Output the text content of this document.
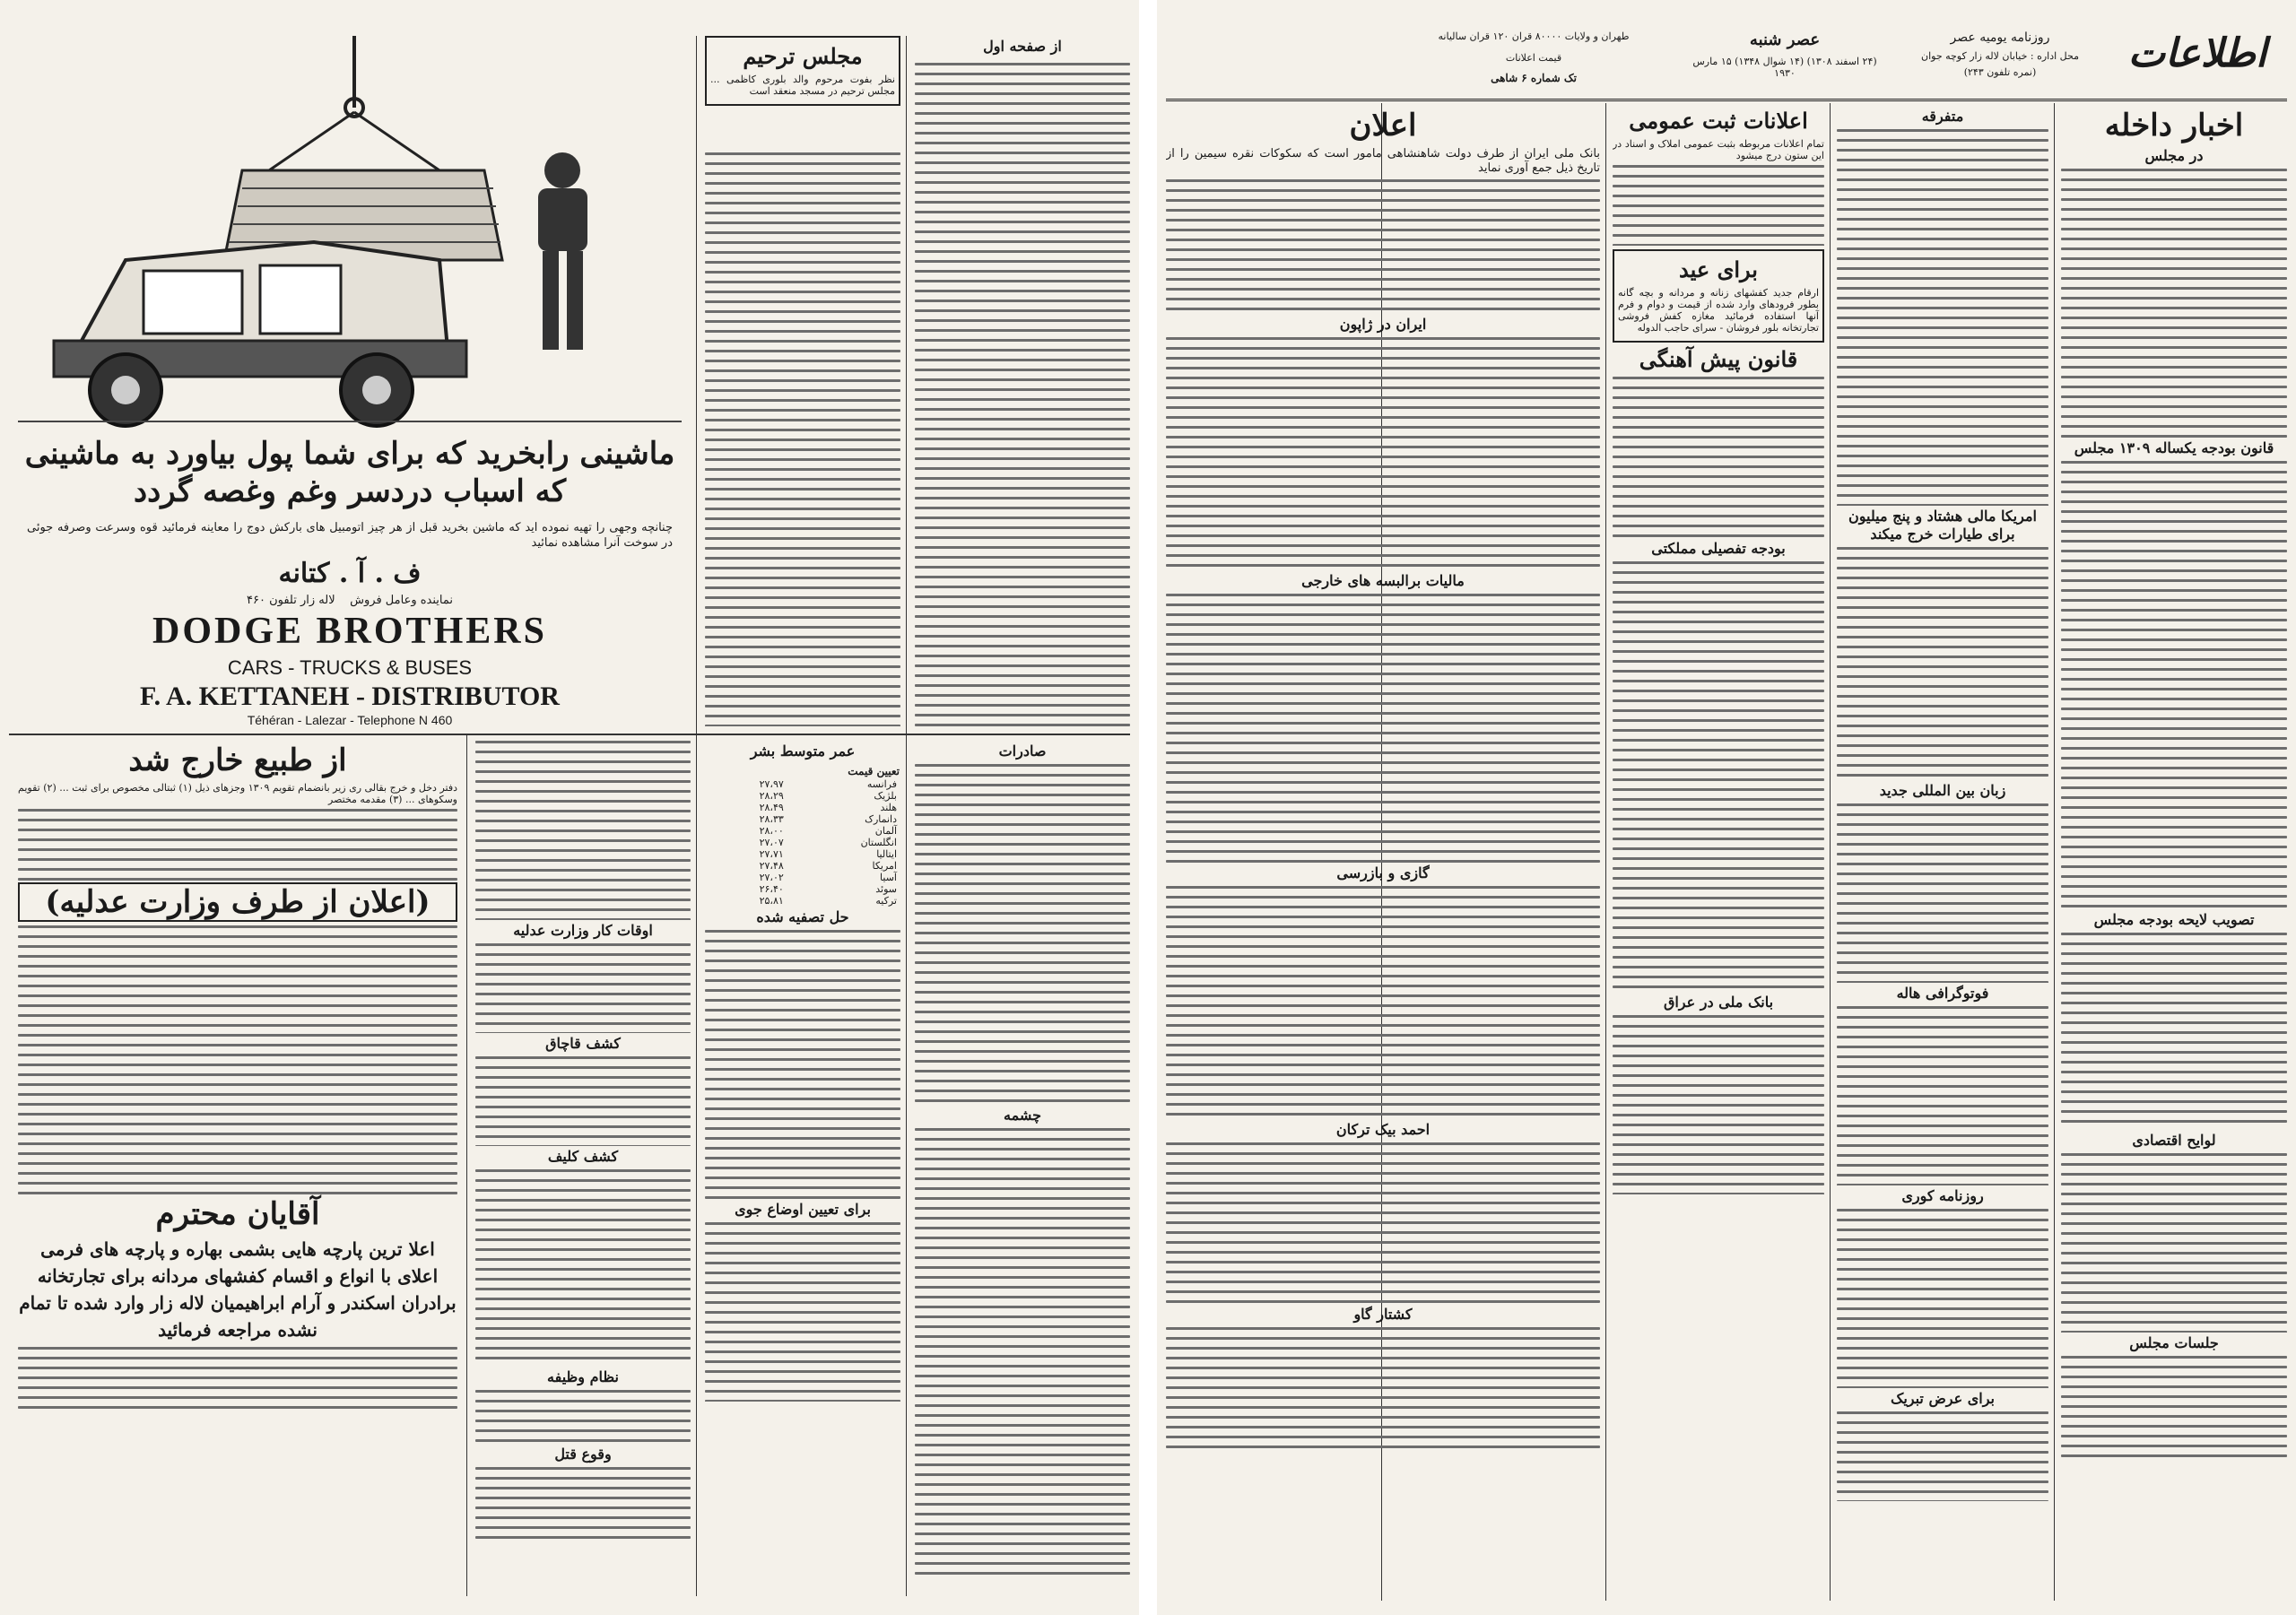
ماشینی رابخرید که برای شما پول بیاورد به ماشینی که اسباب دردسر وغم وغصه گردد
چنانچه وجهی را تهیه نموده اید که ماشین بخرید قبل از هر چیز اتومبیل های بارکش دوج را معاینه فرمائید قوه وسرعت وصرفه جوئی در سوخت آنرا مشاهده نمائید
ف . آ . کتانه
نماینده وعامل فروش    لاله زار تلفون ۴۶۰
DODGE BROTHERS
CARS - TRUCKS & BUSES
F. A. KETTANEH - DISTRIBUTOR
Téhéran - Lalezar - Telephone N 460
مجلس ترحیم

نظر بفوت مرحوم والد بلوری کاظمی ... مجلس ترحیم در مسجد منعقد است

از صفحه اول
از طبیع خارج شد

دفتر دخل و خرج بقالی ری زیر بانضمام تقویم ۱۳۰۹ وجزهای ذیل (۱) ثبتالی مخصوص برای ثبت ... (۲) تقویم وسکوهای ... (۳) مقدمه مختصر

(اعلان از طرف وزارت عدلیه)
آقایان محترم

اعلا ترین پارچه هایی بشمی بهاره و پارچه های فرمی اعلای با انواع و اقسام کفشهای مردانه برای تجارتخانه برادران اسکندر و آرام ابراهیمیان لاله زار وارد شده تا تمام نشده مراجعه فرمائید

اوقات کار وزارت عدلیه
کشف قاچاق
کشف کلیف
نظام وظیفه
وقوع قتل
عمر متوسط بشر
تعیین قیمت	
فرانسه	۲۷،۹۷
بلژیک	۲۸،۲۹
هلند	۲۸،۴۹
دانمارک	۲۸،۳۳
آلمان	۲۸،۰۰
انگلستان	۲۷،۰۷
ایتالیا	۲۷،۷۱
امریکا	۲۷،۴۸
آسیا	۲۷،۰۲
سوئد	۲۶،۴۰
ترکیه	۲۵،۸۱
حل تصفیه شده
برای تعیین اوضاع جوی
صادرات
چشمه
اطلاعات
روزنامه یومیه عصر
محل اداره : خیابان لاله زار کوچه جوان
(نمره تلفون ۲۴۳)
عصر شنبه
(۲۴ اسفند ۱۳۰۸) (۱۴ شوال ۱۳۴۸) ۱۵ مارس ۱۹۳۰
طهران و ولایات ۸۰۰۰۰ قران ۱۲۰ قران سالیانه
قیمت اعلانات
تک شماره ۶ شاهی
اخبار داخله
در مجلس
قانون بودجه یکساله ۱۳۰۹ مجلس
تصویب لایحه بودجه مجلس
لوایح اقتصادی
جلسات مجلس
متفرقه
امریکا مالی هشتاد و پنج میلیون برای طیارات خرج میکند
زبان بین المللی جدید
فوتوگرافی هاله
روزنامه کوری
برای عرض تبریک
اعلانات ثبت عمومی

تمام اعلانات مربوطه بثبت عمومی املاک و اسناد در این ستون درج میشود

برای عید

ارقام جدید کفشهای زنانه و مردانه و بچه گانه بطور فرودهای وارد شده از قیمت و دوام و فرم آنها استفاده فرمائید مغازه کفش فروشی تجارتخانه بلور فروشان - سرای حاجب الدوله

قانون پیش آهنگی
بودجه تفصیلی مملکتی
بانک ملی در عراق
اعلان

بانک ملی ایران از طرف دولت شاهنشاهی مامور است که سکوکات نقره سیمین را از تاریخ ذیل جمع آوری نماید

ایران در ژاپون
مالیات برالبسه های خارجی
گازی و بازرسی
احمد بیک ترکان
کشتار گاو
